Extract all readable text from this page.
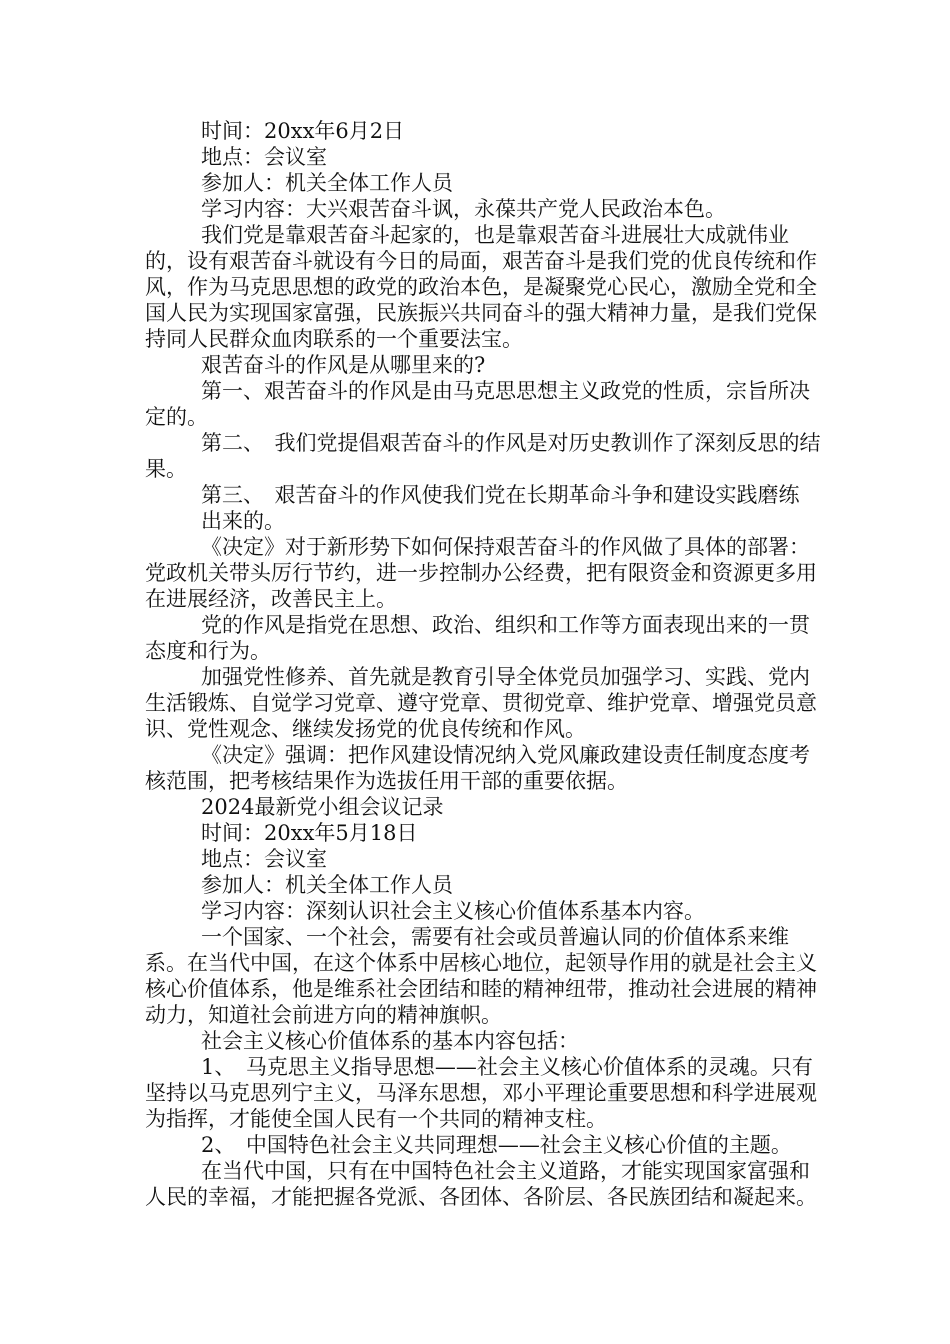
时间：20xx年6月2日

地点：会议室

参加人：机关全体工作人员

学习内容：大兴艰苦奋斗讽，永葆共产党人民政治本色。

我们党是靠艰苦奋斗起家的，也是靠艰苦奋斗进展壮大成就伟业的，设有艰苦奋斗就设有今日的局面，艰苦奋斗是我们党的优良传统和作风，作为马克思思想的政党的政治本色，是凝聚党心民心，激励全党和全国人民为实现国家富强，民族振兴共同奋斗的强大精神力量，是我们党保持同人民群众血肉联系的一个重要法宝。

艰苦奋斗的作风是从哪里来的?

第一、艰苦奋斗的作风是由马克思思想主义政党的性质，宗旨所决定的。

第二、　我们党提倡艰苦奋斗的作风是对历史教训作了深刻反思的结果。

第三、　艰苦奋斗的作风使我们党在长期革命斗争和建设实践磨练

出来的。

《决定》对于新形势下如何保持艰苦奋斗的作风做了具体的部署：党政机关带头厉行节约，进一步控制办公经费，把有限资金和资源更多用在进展经济，改善民主上。

党的作风是指党在思想、政治、组织和工作等方面表现出来的一贯态度和行为。

加强党性修养、首先就是教育引导全体党员加强学习、实践、党内生活锻炼、自觉学习党章、遵守党章、贯彻党章、维护党章、增强党员意识、党性观念、继续发扬党的优良传统和作风。

《决定》强调：把作风建设情况纳入党风廉政建设责任制度态度考核范围，把考核结果作为选拔任用干部的重要依据。

2024最新党小组会议记录

时间：20xx年5月18日

地点：会议室

参加人：机关全体工作人员

学习内容：深刻认识社会主义核心价值体系基本内容。

一个国家、一个社会，需要有社会或员普遍认同的价值体系来维系。在当代中国，在这个体系中居核心地位，起领导作用的就是社会主义核心价值体系，他是维系社会团结和睦的精神纽带，推动社会进展的精神动力，知道社会前进方向的精神旗帜。

社会主义核心价值体系的基本内容包括：

1、　马克思主义指导思想——社会主义核心价值体系的灵魂。只有坚持以马克思列宁主义，马泽东思想，邓小平理论重要思想和科学进展观为指挥，才能使全国人民有一个共同的精神支柱。

2、　中国特色社会主义共同理想——社会主义核心价值的主题。

在当代中国，只有在中国特色社会主义道路，才能实现国家富强和人民的幸福，才能把握各党派、各团体、各阶层、各民族团结和凝起来。
